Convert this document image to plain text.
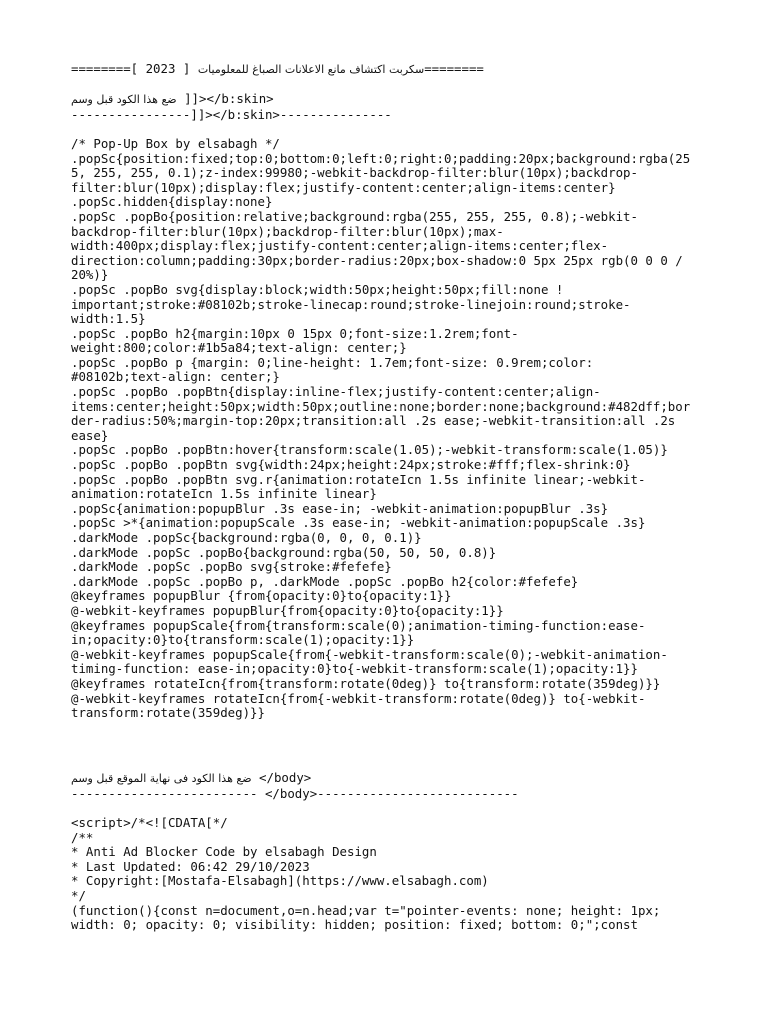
========[ 2023 ] سكربت اكتشاف مانع الاعلانات الصباغ للمعلوميات========
ضع هذا الكود قبل وسم ]]></b:skin>
----------------]]></b:skin>---------------
/* Pop-Up Box by elsabagh */
.popSc{position:fixed;top:0;bottom:0;left:0;right:0;padding:20px;background:rgba(25
5, 255, 255, 0.1);z-index:99980;-webkit-backdrop-filter:blur(10px);backdrop-
filter:blur(10px);display:flex;justify-content:center;align-items:center}
.popSc.hidden{display:none}
.popSc .popBo{position:relative;background:rgba(255, 255, 255, 0.8);-webkit-
backdrop-filter:blur(10px);backdrop-filter:blur(10px);max-
width:400px;display:flex;justify-content:center;align-items:center;flex-
direction:column;padding:30px;border-radius:20px;box-shadow:0 5px 25px rgb(0 0 0 /
20%)}
.popSc .popBo svg{display:block;width:50px;height:50px;fill:none !
important;stroke:#08102b;stroke-linecap:round;stroke-linejoin:round;stroke-
width:1.5}
.popSc .popBo h2{margin:10px 0 15px 0;font-size:1.2rem;font-
weight:800;color:#1b5a84;text-align: center;}
.popSc .popBo p {margin: 0;line-height: 1.7em;font-size: 0.9rem;color:
#08102b;text-align: center;}
.popSc .popBo .popBtn{display:inline-flex;justify-content:center;align-
items:center;height:50px;width:50px;outline:none;border:none;background:#482dff;bor
der-radius:50%;margin-top:20px;transition:all .2s ease;-webkit-transition:all .2s
ease}
.popSc .popBo .popBtn:hover{transform:scale(1.05);-webkit-transform:scale(1.05)}
.popSc .popBo .popBtn svg{width:24px;height:24px;stroke:#fff;flex-shrink:0}
.popSc .popBo .popBtn svg.r{animation:rotateIcn 1.5s infinite linear;-webkit-
animation:rotateIcn 1.5s infinite linear}
.popSc{animation:popupBlur .3s ease-in; -webkit-animation:popupBlur .3s}
.popSc >*{animation:popupScale .3s ease-in; -webkit-animation:popupScale .3s}
.darkMode .popSc{background:rgba(0, 0, 0, 0.1)}
.darkMode .popSc .popBo{background:rgba(50, 50, 50, 0.8)}
.darkMode .popSc .popBo svg{stroke:#fefefe}
.darkMode .popSc .popBo p, .darkMode .popSc .popBo h2{color:#fefefe}
@keyframes popupBlur {from{opacity:0}to{opacity:1}}
@-webkit-keyframes popupBlur{from{opacity:0}to{opacity:1}}
@keyframes popupScale{from{transform:scale(0);animation-timing-function:ease-
in;opacity:0}to{transform:scale(1);opacity:1}}
@-webkit-keyframes popupScale{from{-webkit-transform:scale(0);-webkit-animation-
timing-function: ease-in;opacity:0}to{-webkit-transform:scale(1);opacity:1}}
@keyframes rotateIcn{from{transform:rotate(0deg)} to{transform:rotate(359deg)}}
@-webkit-keyframes rotateIcn{from{-webkit-transform:rotate(0deg)} to{-webkit-
transform:rotate(359deg)}}
ضع هذا الكود فى نهاية الموقع قبل وسم </body>
------------------------- </body>---------------------------
<script>/*<![CDATA[*/
/**
* Anti Ad Blocker Code by elsabagh Design
* Last Updated: 06:42 29/10/2023
* Copyright:[Mostafa-Elsabagh](https://www.elsabagh.com)
*/
(function(){const n=document,o=n.head;var t="pointer-events: none; height: 1px;
width: 0; opacity: 0; visibility: hidden; position: fixed; bottom: 0;";const
